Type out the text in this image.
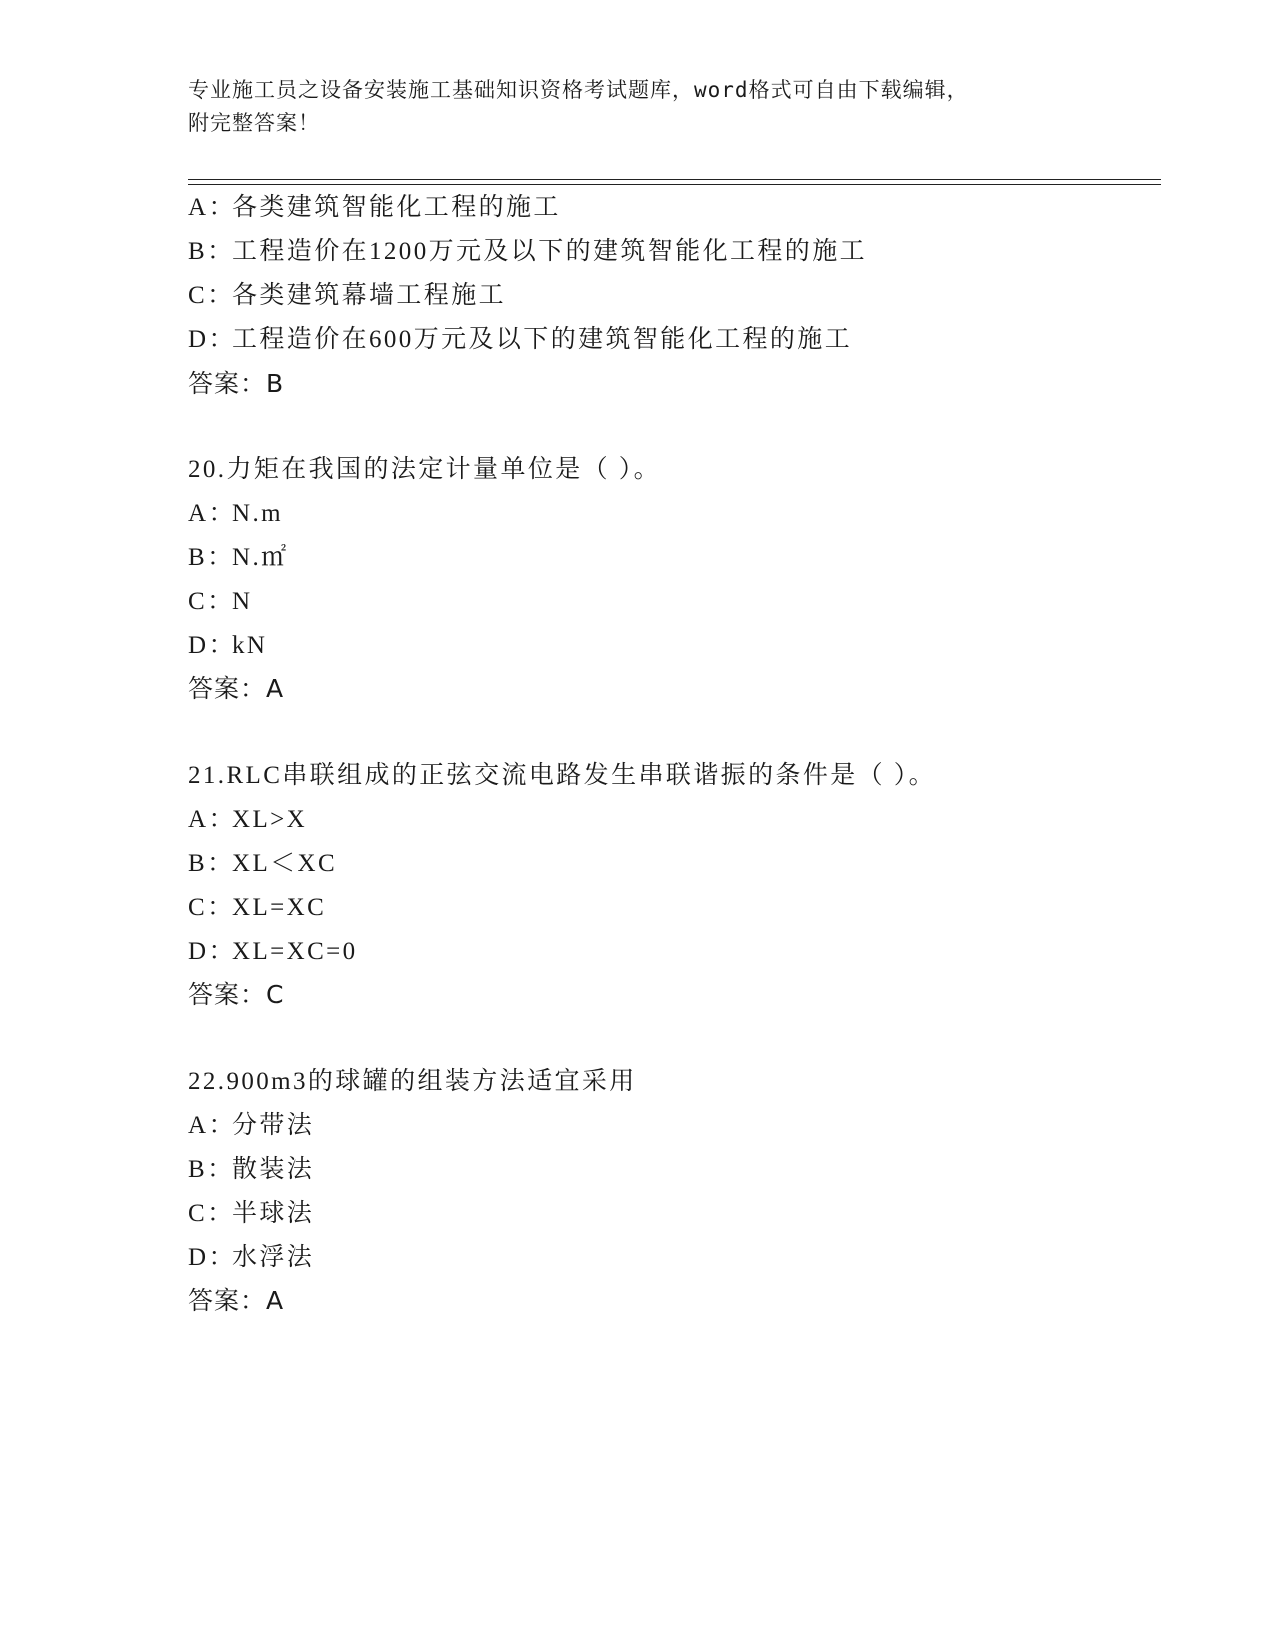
专业施工员之设备安装施工基础知识资格考试题库，word格式可自由下载编辑，
附完整答案！
A：各类建筑智能化工程的施工
B：工程造价在1200万元及以下的建筑智能化工程的施工
C：各类建筑幕墙工程施工
D：工程造价在600万元及以下的建筑智能化工程的施工
答案：B
20.力矩在我国的法定计量单位是（ ）。
A：N.m
B：N.㎡
C：N
D：kN
答案：A
21.RLC串联组成的正弦交流电路发生串联谐振的条件是（ ）。
A：XL>X
B：XL＜XC
C：XL=XC
D：XL=XC=0
答案：C
22.900m3的球罐的组装方法适宜采用
A：分带法
B：散装法
C：半球法
D：水浮法
答案：A
